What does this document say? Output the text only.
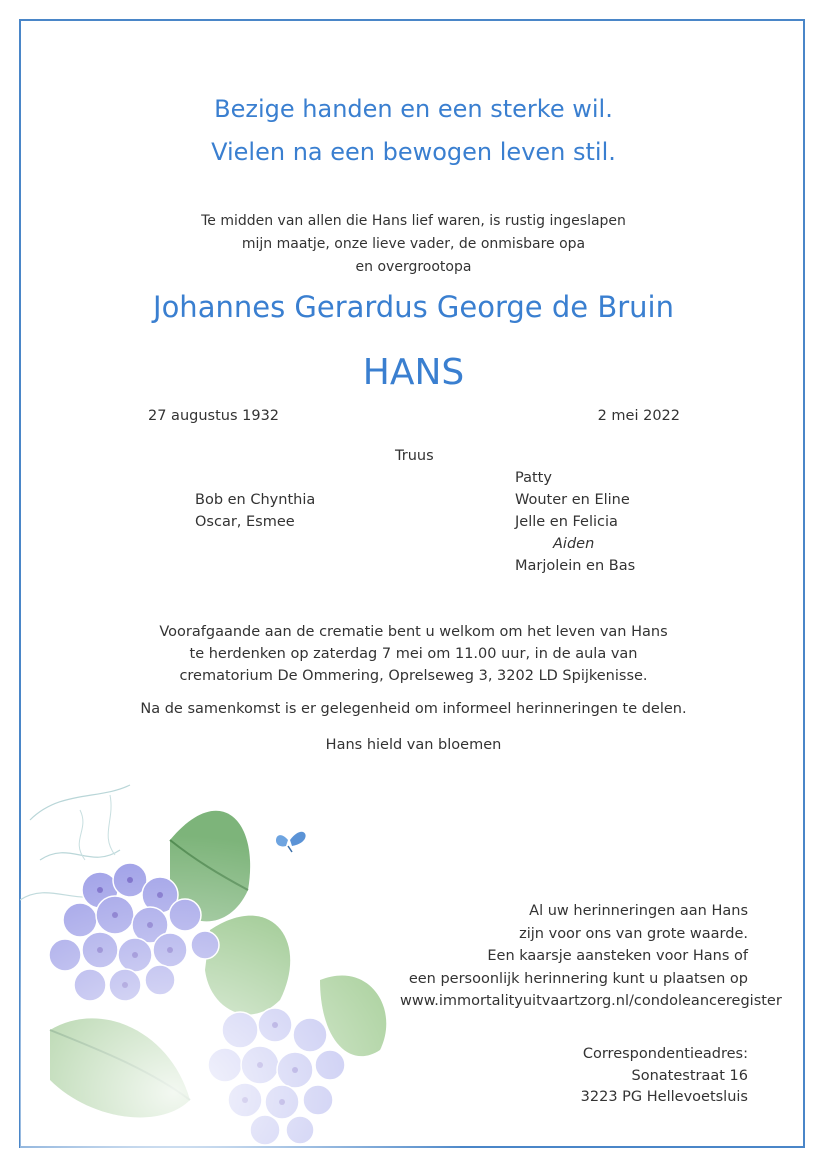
Bezige handen en een sterke wil.
Vielen na een bewogen leven stil.
Te midden van allen die Hans lief waren, is rustig ingeslapen
mijn maatje, onze lieve vader, de onmisbare opa
en overgrootopa
Johannes Gerardus George de Bruin
HANS
27 augustus 1932	2 mei 2022
Truus
Bob en Chynthia
Oscar, Esmee
Patty
Wouter en Eline
Jelle en Felicia
Aiden
Marjolein en Bas
Voorafgaande aan de crematie bent u welkom om het leven van Hans
te herdenken op zaterdag 7 mei om 11.00 uur, in de aula van
crematorium De Ommering, Oprelseweg 3, 3202 LD Spijkenisse.
Na de samenkomst is er gelegenheid om informeel herinneringen te delen.
Hans hield van bloemen
Al uw herinneringen aan Hans
zijn voor ons van grote waarde.
Een kaarsje aansteken voor Hans of
een persoonlijk herinnering kunt u plaatsen op
www.immortalityuitvaartzorg.nl/condoleanceregister
Correspondentieadres:
Sonatestraat 16
3223 PG Hellevoetsluis
